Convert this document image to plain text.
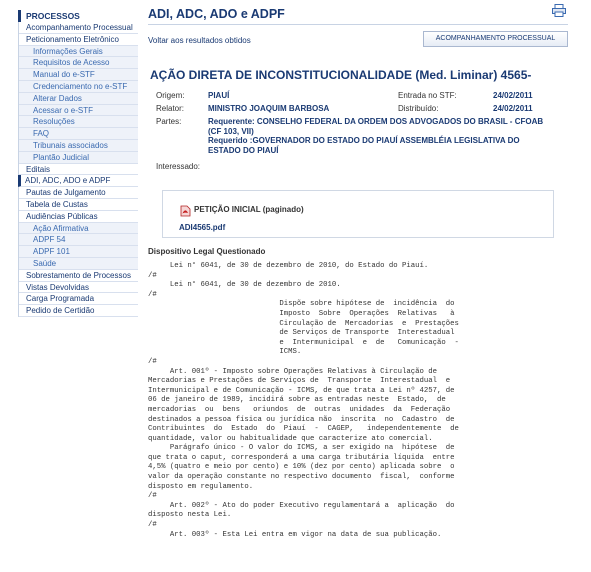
PROCESSOS
Acompanhamento Processual
Peticionamento Eletrônico
Informações Gerais
Requisitos de Acesso
Manual do e-STF
Credenciamento no e-STF
Alterar Dados
Acessar o e-STF
Resoluções
FAQ
Tribunais associados
Plantão Judicial
Editais
ADI, ADC, ADO e ADPF
Pautas de Julgamento
Tabela de Custas
Audiências Públicas
Ação Afirmativa
ADPF 54
ADPF 101
Saúde
Sobrestamento de Processos
Vistas Devolvidas
Carga Programada
Pedido de Certidão
ADI, ADC, ADO e ADPF
Voltar aos resultados obtidos	ACOMPANHAMENTO PROCESSUAL
AÇÃO DIRETA DE INCONSTITUCIONALIDADE (Med. Liminar) 4565-
Origem:	PIAUÍ	Entrada no STF:	24/02/2011
Relator:	MINISTRO JOAQUIM BARBOSA	Distribuído:	24/02/2011
Partes:	Requerente: CONSELHO FEDERAL DA ORDEM DOS ADVOGADOS DO BRASIL - CFOAB
(CF 103, VII)
Requerido :GOVERNADOR DO ESTADO DO PIAUÍ ASSEMBLÉIA LEGISLATIVA DO
ESTADO DO PIAUÍ
Interessado:
PETIÇÃO INICIAL (paginado)
ADI4565.pdf
Dispositivo Legal Questionado
Lei n° 6041, de 30 de dezembro de 2010, do Estado do Piauí.
/#
Lei n° 6041, de 30 de dezembro de 2010.
/#
Dispõe sobre hipótese de  incidência  do
Imposto  Sobre  Operações  Relativas   à
Circulação de  Mercadorias  e  Prestações
de Serviços de Transporte  Interestadual
e  Intermunicipal  e  de   Comunicação  -
ICMS.
/#
Art. 001º - Imposto sobre Operações Relativas à Circulação de
Mercadorias e Prestações de Serviços de  Transporte  Interestadual  e
Intermunicipal e de Comunicação - ICMS, de que trata a Lei nº 4257, de
06 de janeiro de 1989, incidirá sobre as entradas neste  Estado,  de
mercadorias  ou  bens   oriundos  de  outras  unidades  da  Federação
destinados a pessoa física ou jurídica não  inscrita  no  Cadastro  de
Contribuintes  do  Estado  do  Piauí  -  CAGEP,   independentemente  de
quantidade, valor ou habitualidade que caracterize ato comercial.
Parágrafo único - O valor do ICMS, a ser exigido na  hipótese  de
que trata o caput, corresponderá a uma carga tributária líquida  entre
4,5% (quatro e meio por cento) e 10% (dez por cento) aplicada sobre  o
valor da operação constante no respectivo documento  fiscal,  conforme
disposto em regulamento.
/#
Art. 002º - Ato do poder Executivo regulamentará a  aplicação  do
disposto nesta Lei.
/#
Art. 003º - Esta Lei entra em vigor na data de sua publicação.
